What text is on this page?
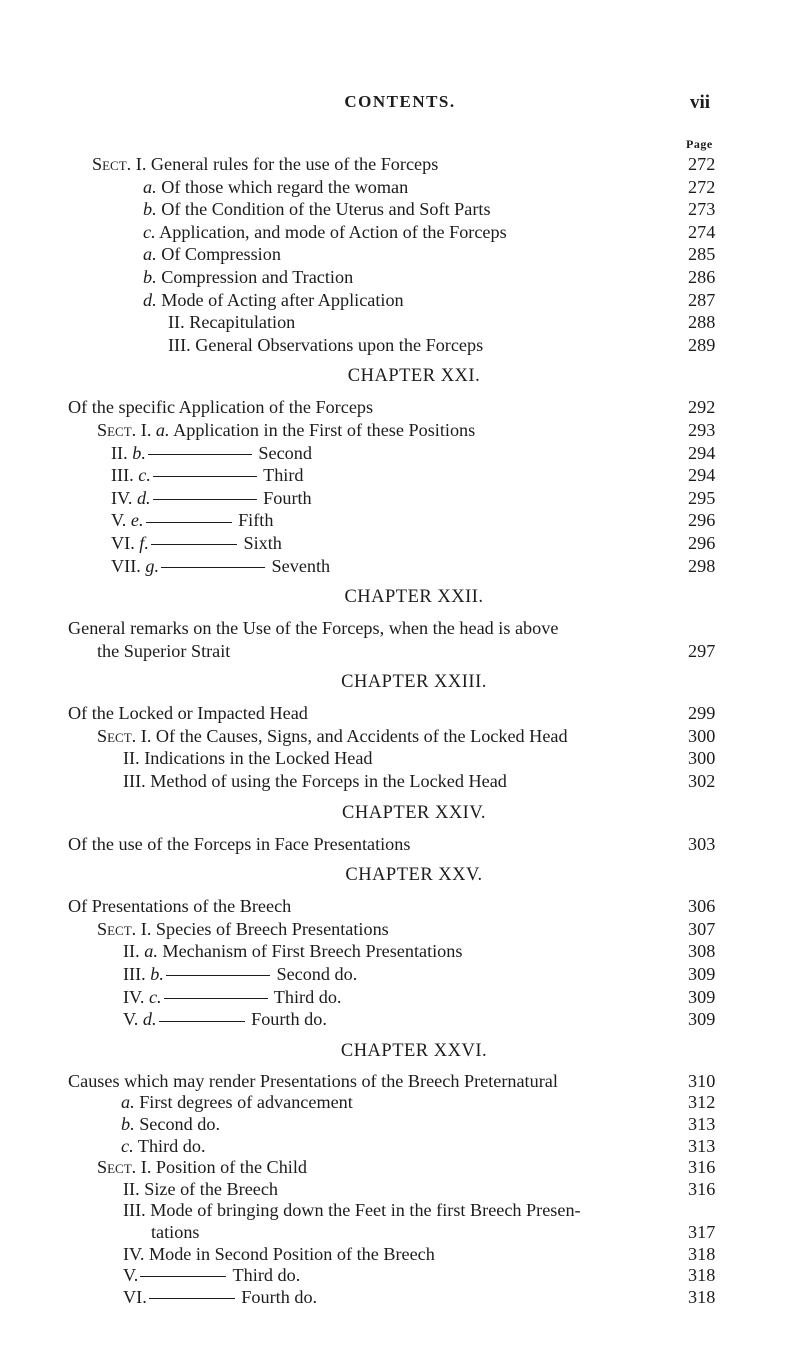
CONTENTS.	vii
Page
Sect. I. General rules for the use of the Forceps	272
a. Of those which regard the woman	272
b. Of the Condition of the Uterus and Soft Parts	273
c. Application, and mode of Action of the Forceps	274
a. Of Compression	285
b. Compression and Traction	286
d. Mode of Acting after Application	287
II. Recapitulation	288
III. General Observations upon the Forceps	289
CHAPTER XXI.
Of the specific Application of the Forceps	292
Sect. I. a. Application in the First of these Positions	293
II. b.	Second	294
III. c.	Third	294
IV. d.	Fourth	295
V. e.	Fifth	296
VI. f.	Sixth	296
VII. g.	Seventh	298
CHAPTER XXII.
General remarks on the Use of the Forceps, when the head is above
the Superior Strait	297
CHAPTER XXIII.
Of the Locked or Impacted Head	299
Sect. I. Of the Causes, Signs, and Accidents of the Locked Head	300
II. Indications in the Locked Head	300
III. Method of using the Forceps in the Locked Head	302
CHAPTER XXIV.
Of the use of the Forceps in Face Presentations	303
CHAPTER XXV.
Of Presentations of the Breech	306
Sect. I. Species of Breech Presentations	307
II. a. Mechanism of First Breech Presentations	308
III. b.	Second do.	309
IV. c.	Third do.	309
V. d.	Fourth do.	309
CHAPTER XXVI.
Causes which may render Presentations of the Breech Preternatural	310
a. First degrees of advancement	312
b. Second do.	313
c. Third do.	313
Sect. I. Position of the Child	316
II. Size of the Breech	316
III. Mode of bringing down the Feet in the first Breech Presen-
tations	317
IV. Mode in Second Position of the Breech	318
V.	Third do.	318
VI.	Fourth do.	318
